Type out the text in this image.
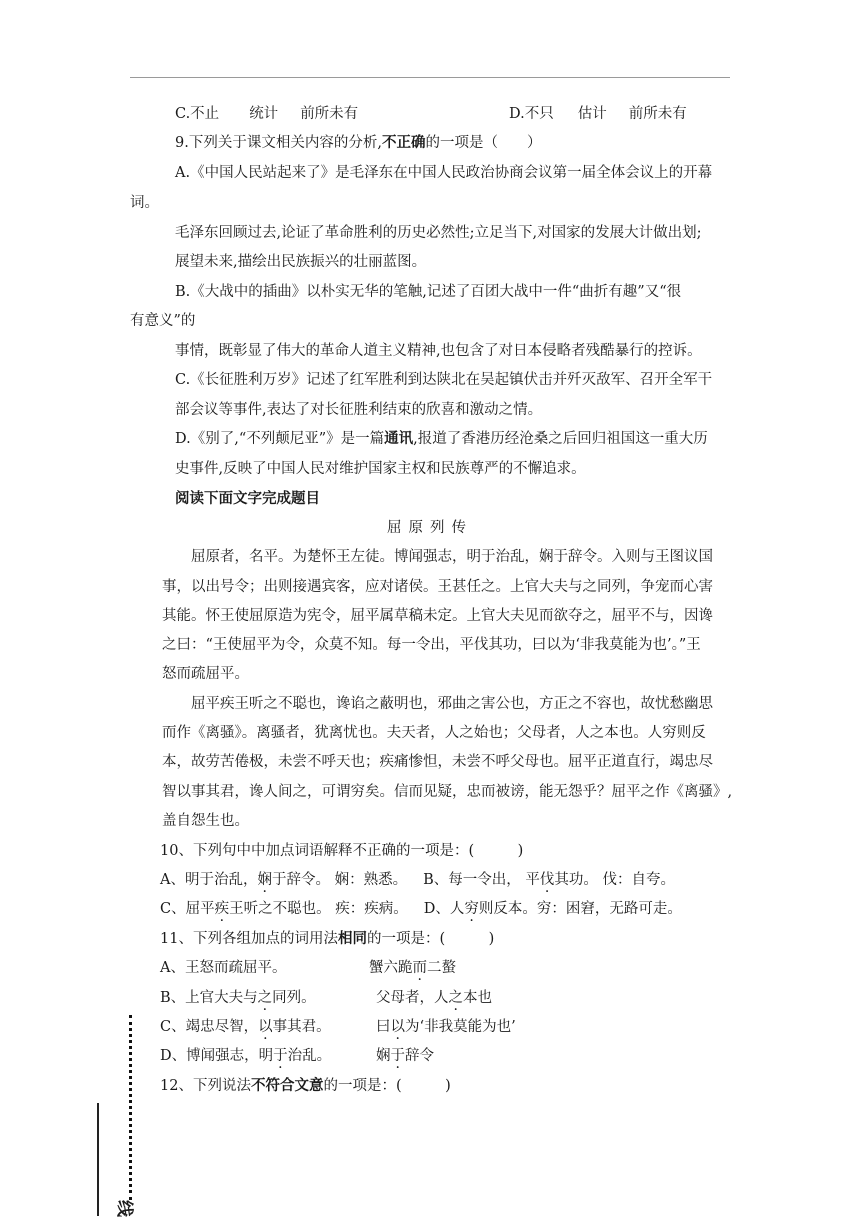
C.不止 统计 前所未有	D.不只 估计 前所未有
9.下列关于课文相关内容的分析,不正确的一项是（　　）
A.《中国人民站起来了》是毛泽东在中国人民政治协商会议第一届全体会议上的开幕
词。
毛泽东回顾过去,论证了革命胜利的历史必然性;立足当下,对国家的发展大计做出划;
展望未来,描绘出民族振兴的壮丽蓝图。
B.《大战中的插曲》以朴实无华的笔触,记述了百团大战中一件“曲折有趣”又“很
有意义”的
事情，既彰显了伟大的革命人道主义精神,也包含了对日本侵略者残酷暴行的控诉。
C.《长征胜利万岁》记述了红军胜利到达陕北在吴起镇伏击并歼灭敌军、召开全军干
部会议等事件,表达了对长征胜利结束的欣喜和激动之情。
D.《别了,“不列颠尼亚”》是一篇通讯,报道了香港历经沧桑之后回归祖国这一重大历
史事件,反映了中国人民对维护国家主权和民族尊严的不懈追求。
阅读下面文字完成题目
屈原列传
屈原者，名平。为楚怀王左徒。博闻强志，明于治乱，娴于辞令。入则与王图议国
事，以出号令；出则接遇宾客，应对诸侯。王甚任之。上官大夫与之同列，争宠而心害
其能。怀王使屈原造为宪令，屈平属草稿未定。上官大夫见而欲夺之，屈平不与，因谗
之曰：“王使屈平为令，众莫不知。每一令出，平伐其功，曰以为‘非我莫能为也’。”王
怒而疏屈平。
屈平疾王听之不聪也，谗谄之蔽明也，邪曲之害公也，方正之不容也，故忧愁幽思
而作《离骚》。离骚者，犹离忧也。夫天者，人之始也；父母者，人之本也。人穷则反
本，故劳苦倦极，未尝不呼天也；疾痛惨怛，未尝不呼父母也。屈平正道直行，竭忠尽
智以事其君，谗人间之，可谓穷矣。信而见疑，忠而被谤，能无怨乎？屈平之作《离骚》,
盖自怨生也。
10、下列句中中加点词语解释不正确的一项是：(　　　)
A、明于治乱，娴于辞令。 娴：熟悉。 B、每一令出， 平伐其功。 伐：自夸。
C、屈平疾王听之不聪也。 疾：疾病。 D、人穷则反本。穷：困窘，无路可走。
11、下列各组加点的词用法相同的一项是：(　　　)
A、王怒而疏屈平。	蟹六跪而二螯
B、上官大夫与之同列。	父母者，人之本也
C、竭忠尽智，以事其君。	曰以为‘非我莫能为也’
D、博闻强志，明于治乱。	娴于辞令
12、下列说法不符合文意的一项是：(　　　)
线
